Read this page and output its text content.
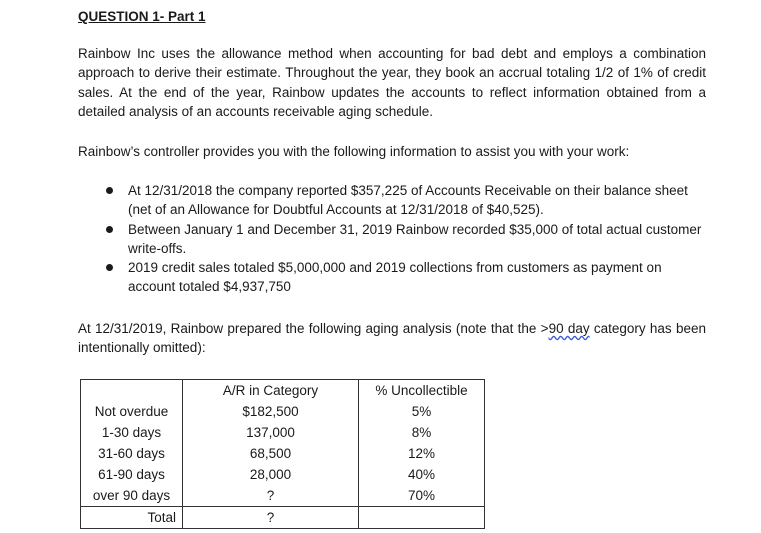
QUESTION 1- Part 1

Rainbow Inc uses the allowance method when accounting for bad debt and employs a combination approach to derive their estimate. Throughout the year, they book an accrual totaling 1/2 of 1% of credit sales. At the end of the year, Rainbow updates the accounts to reflect information obtained from a detailed analysis of an accounts receivable aging schedule.

Rainbow’s controller provides you with the following information to assist you with your work:

At 12/31/2018 the company reported $357,225 of Accounts Receivable on their balance sheet (net of an Allowance for Doubtful Accounts at 12/31/2018 of $40,525).
Between January 1 and December 31, 2019 Rainbow recorded $35,000 of total actual customer write-offs.
2019 credit sales totaled $5,000,000 and 2019 collections from customers as payment on account totaled $4,937,750

At 12/31/2019, Rainbow prepared the following aging analysis (note that the >90 day category has been intentionally omitted):

	A/R in Category	% Uncollectible
Not overdue	$182,500	5%
1-30 days	137,000	8%
31-60 days	68,500	12%
61-90 days	28,000	40%
over 90 days	?	70%
Total	?	
